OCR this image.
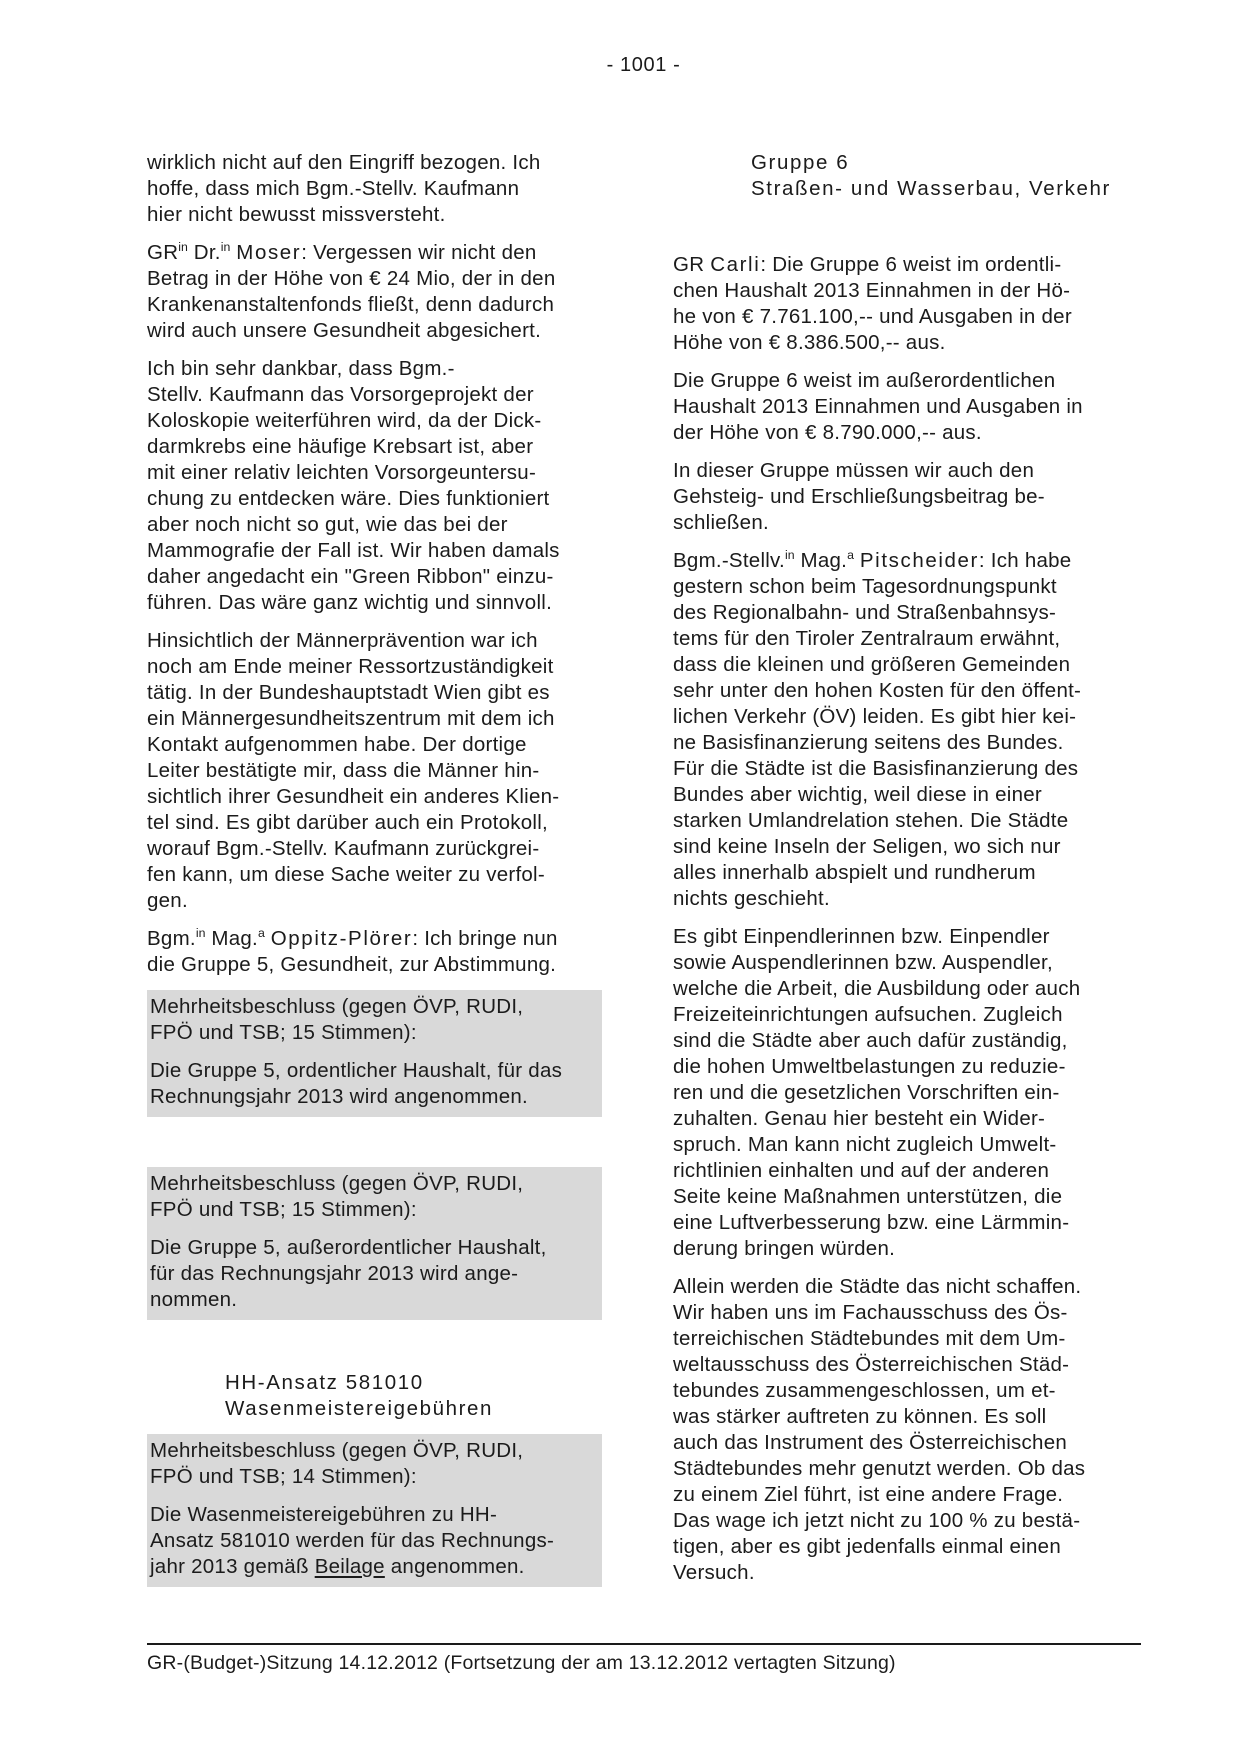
- 1001 -
wirklich nicht auf den Eingriff bezogen. Ich
hoffe, dass mich Bgm.-Stellv. Kaufmann
hier nicht bewusst missversteht.
$GR^{in}$ Dr.$^{in}$ Moser: Vergessen wir nicht den
Betrag in der Höhe von € 24 Mio, der in den
Krankenanstaltenfonds fließt, denn dadurch
wird auch unsere Gesundheit abgesichert.
Ich bin sehr dankbar, dass Bgm.-
Stellv. Kaufmann das Vorsorgeprojekt der
Koloskopie weiterführen wird, da der Dick-
darmkrebs eine häufige Krebsart ist, aber
mit einer relativ leichten Vorsorgeuntersu-
chung zu entdecken wäre. Dies funktioniert
aber noch nicht so gut, wie das bei der
Mammografie der Fall ist. Wir haben damals
daher angedacht ein "Green Ribbon" einzu-
führen. Das wäre ganz wichtig und sinnvoll.
Hinsichtlich der Männerprävention war ich
noch am Ende meiner Ressortzuständigkeit
tätig. In der Bundeshauptstadt Wien gibt es
ein Männergesundheitszentrum mit dem ich
Kontakt aufgenommen habe. Der dortige
Leiter bestätigte mir, dass die Männer hin-
sichtlich ihrer Gesundheit ein anderes Klien-
tel sind. Es gibt darüber auch ein Protokoll,
worauf Bgm.-Stellv. Kaufmann zurückgrei-
fen kann, um diese Sache weiter zu verfol-
gen.
Bgm.$^{in}$ Mag.$^a$ Oppitz-Plörer: Ich bringe nun
die Gruppe 5, Gesundheit, zur Abstimmung.
Mehrheitsbeschluss (gegen ÖVP, RUDI,
FPÖ und TSB; 15 Stimmen):
Die Gruppe 5, ordentlicher Haushalt, für das
Rechnungsjahr 2013 wird angenommen.
Mehrheitsbeschluss (gegen ÖVP, RUDI,
FPÖ und TSB; 15 Stimmen):
Die Gruppe 5, außerordentlicher Haushalt,
für das Rechnungsjahr 2013 wird ange-
nommen.
HH-Ansatz 581010
Wasenmeistereigebühren
Mehrheitsbeschluss (gegen ÖVP, RUDI,
FPÖ und TSB; 14 Stimmen):
Die Wasenmeistereigebühren zu HH-
Ansatz 581010 werden für das Rechnungs-
jahr 2013 gemäß Beilage angenommen.
Gruppe 6
Straßen- und Wasserbau, Verkehr
GR Carli: Die Gruppe 6 weist im ordentli-
chen Haushalt 2013 Einnahmen in der Hö-
he von € 7.761.100,-- und Ausgaben in der
Höhe von € 8.386.500,-- aus.
Die Gruppe 6 weist im außerordentlichen
Haushalt 2013 Einnahmen und Ausgaben in
der Höhe von € 8.790.000,-- aus.
In dieser Gruppe müssen wir auch den
Gehsteig- und Erschließungsbeitrag be-
schließen.
Bgm.-Stellv.$^{in}$ Mag.$^a$ Pitscheider: Ich habe
gestern schon beim Tagesordnungspunkt
des Regionalbahn- und Straßenbahnsys-
tems für den Tiroler Zentralraum erwähnt,
dass die kleinen und größeren Gemeinden
sehr unter den hohen Kosten für den öffent-
lichen Verkehr (ÖV) leiden. Es gibt hier kei-
ne Basisfinanzierung seitens des Bundes.
Für die Städte ist die Basisfinanzierung des
Bundes aber wichtig, weil diese in einer
starken Umlandrelation stehen. Die Städte
sind keine Inseln der Seligen, wo sich nur
alles innerhalb abspielt und rundherum
nichts geschieht.
Es gibt Einpendlerinnen bzw. Einpendler
sowie Auspendlerinnen bzw. Auspendler,
welche die Arbeit, die Ausbildung oder auch
Freizeiteinrichtungen aufsuchen. Zugleich
sind die Städte aber auch dafür zuständig,
die hohen Umweltbelastungen zu reduzie-
ren und die gesetzlichen Vorschriften ein-
zuhalten. Genau hier besteht ein Wider-
spruch. Man kann nicht zugleich Umwelt-
richtlinien einhalten und auf der anderen
Seite keine Maßnahmen unterstützen, die
eine Luftverbesserung bzw. eine Lärmmin-
derung bringen würden.
Allein werden die Städte das nicht schaffen.
Wir haben uns im Fachausschuss des Ös-
terreichischen Städtebundes mit dem Um-
weltausschuss des Österreichischen Städ-
tebundes zusammengeschlossen, um et-
was stärker auftreten zu können. Es soll
auch das Instrument des Österreichischen
Städtebundes mehr genutzt werden. Ob das
zu einem Ziel führt, ist eine andere Frage.
Das wage ich jetzt nicht zu 100 % zu bestä-
tigen, aber es gibt jedenfalls einmal einen
Versuch.
GR-(Budget-)Sitzung 14.12.2012 (Fortsetzung der am 13.12.2012 vertagten Sitzung)
